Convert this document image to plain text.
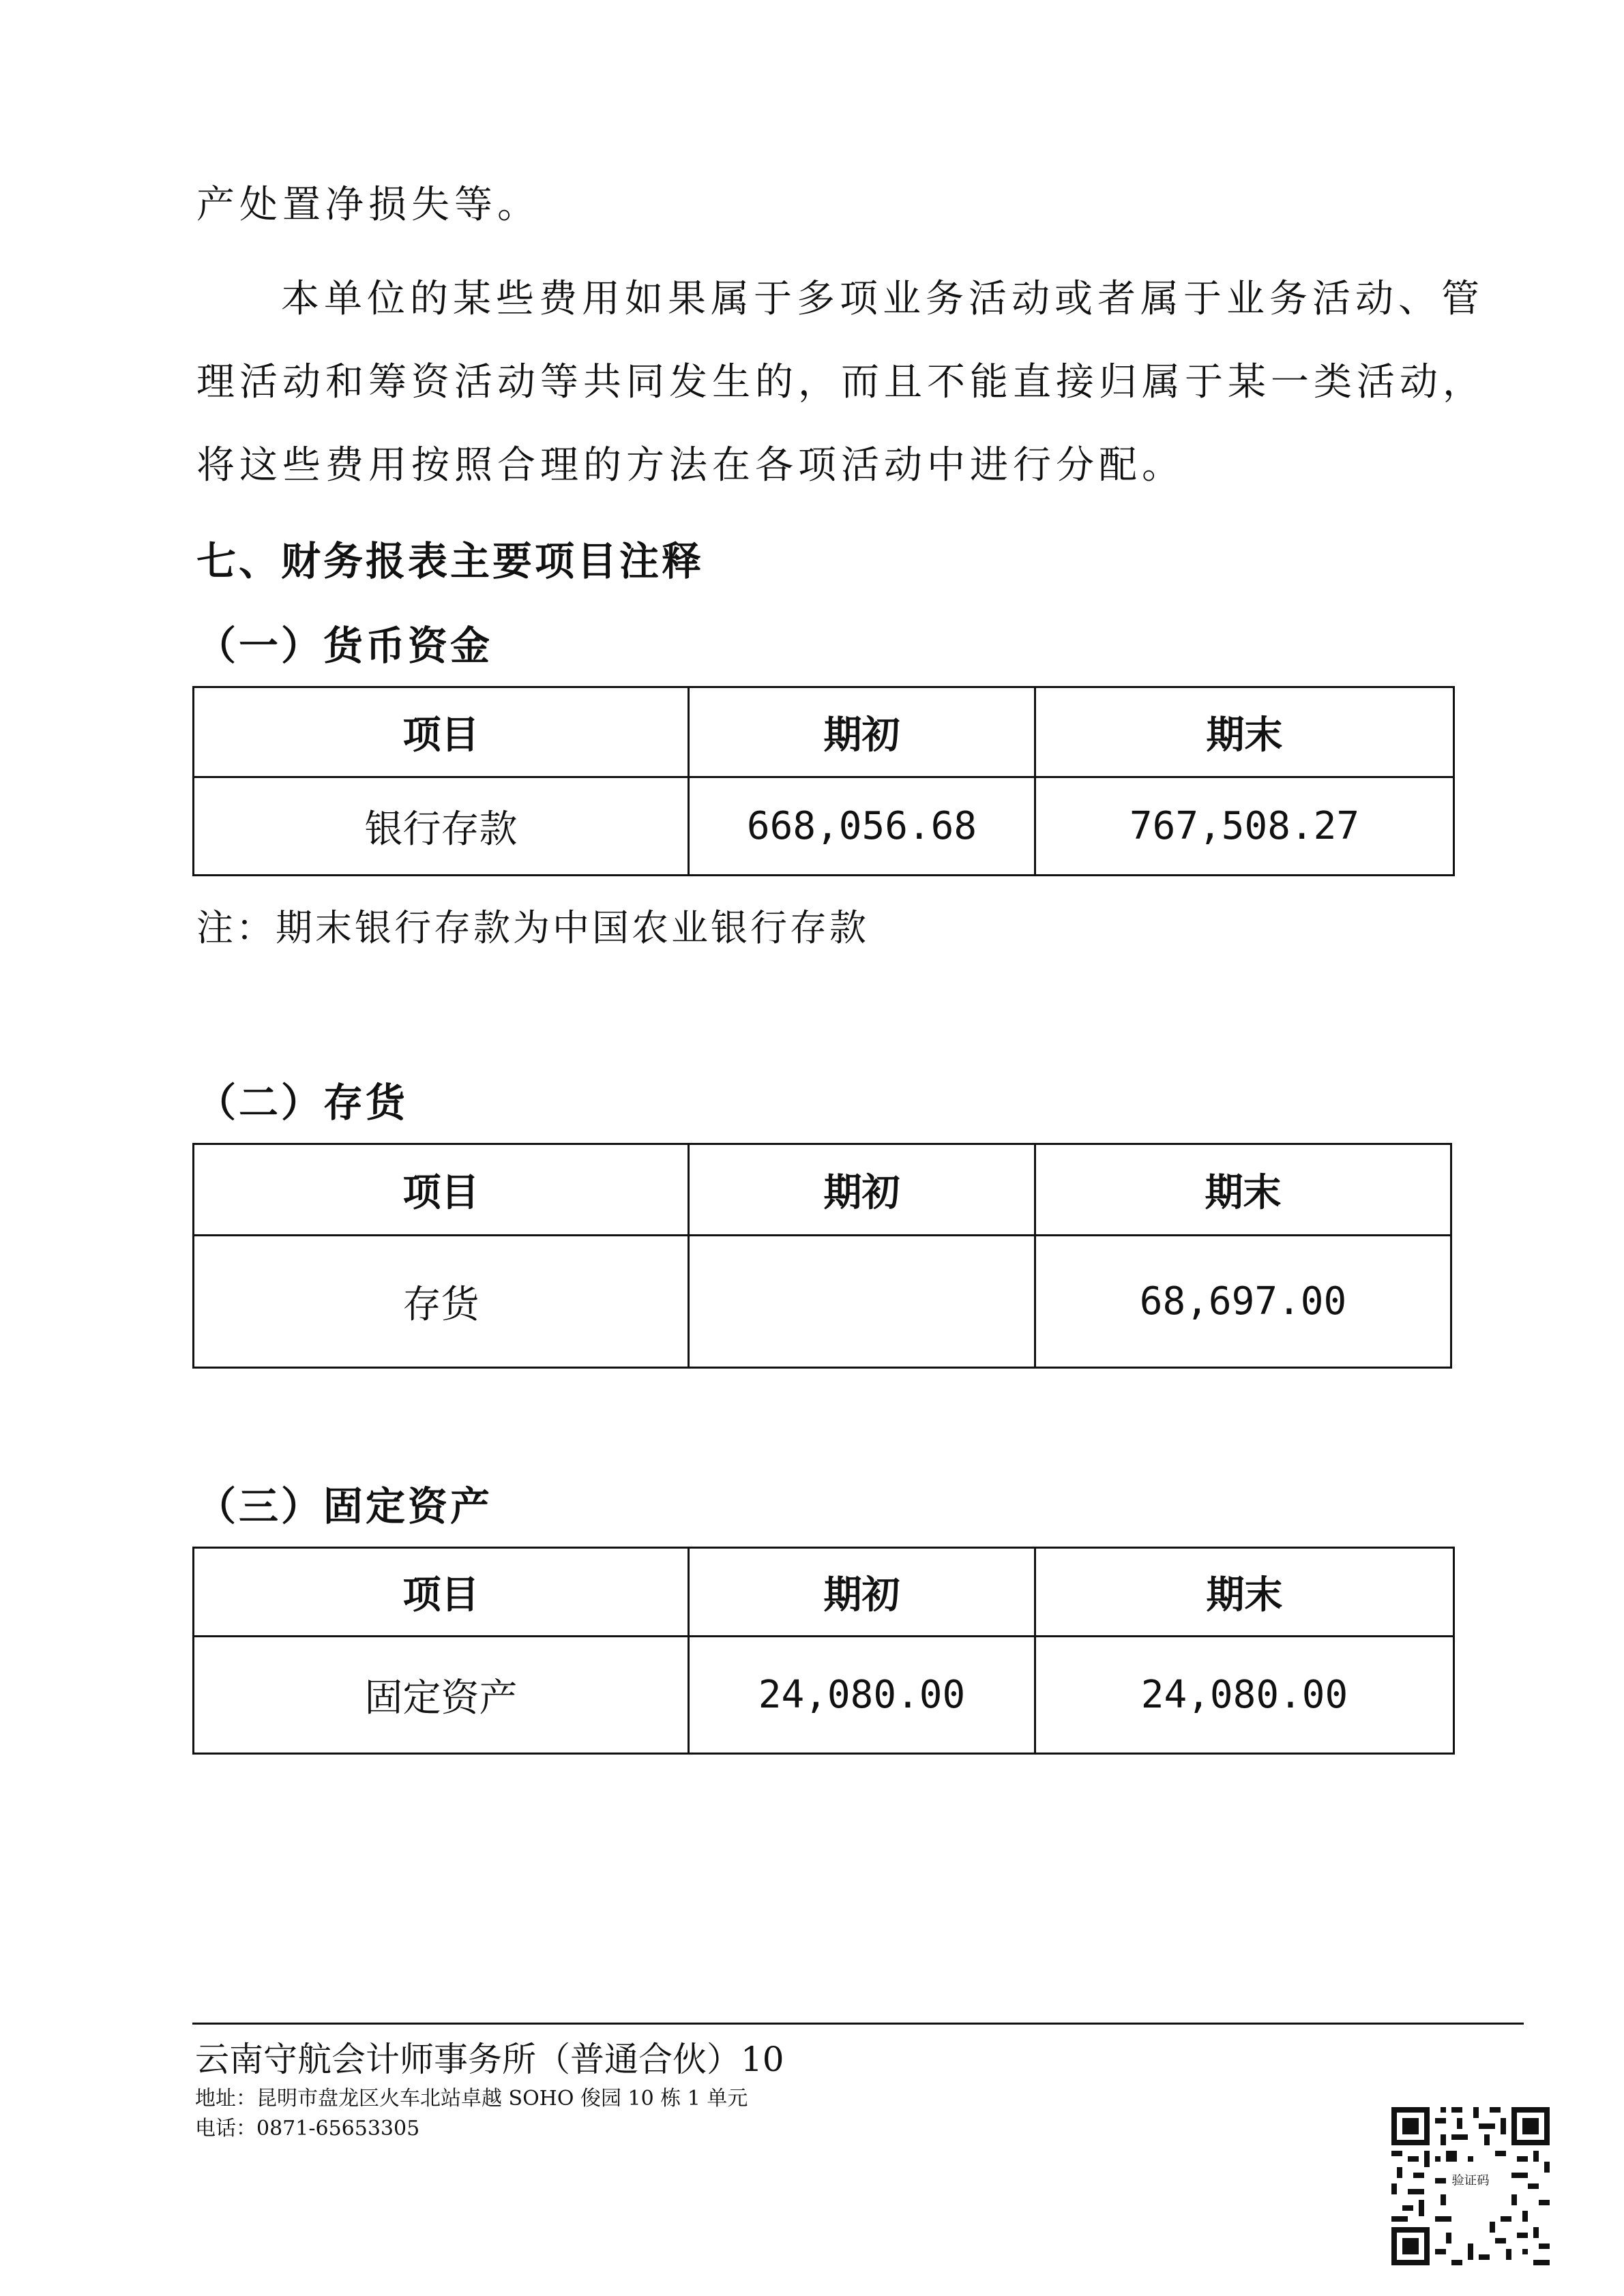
产处置净损失等。

本单位的某些费用如果属于多项业务活动或者属于业务活动、管

理活动和筹资活动等共同发生的，而且不能直接归属于某一类活动，

将这些费用按照合理的方法在各项活动中进行分配。

七、财务报表主要项目注释
（一）货币资金
项目	期初	期末
银行存款	668,056.68	767,508.27

注：期末银行存款为中国农业银行存款

（二）存货
项目	期初	期末
存货		68,697.00
（三）固定资产
项目	期初	期末
固定资产	24,080.00	24,080.00

云南守航会计师事务所（普通合伙）10

地址：昆明市盘龙区火车北站卓越 SOHO 俊园 10 栋 1 单元

电话：0871-65653305

验证码
